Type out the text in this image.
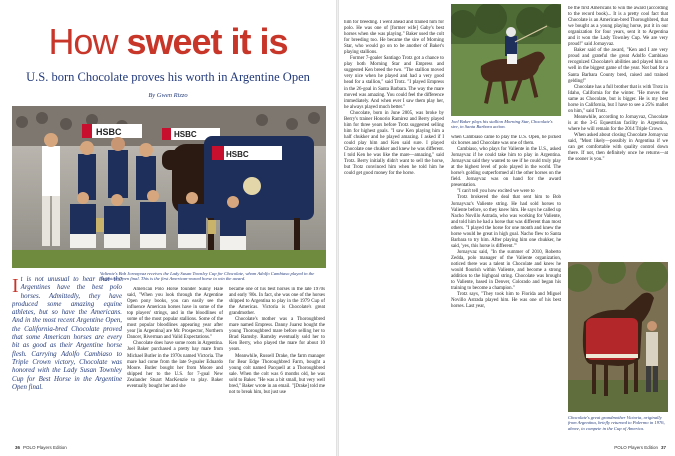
How sweet it is
U.S. born Chocolate proves his worth in Argentine Open
By Gwen Rizzo
HSBC	HSBC
HSBC
Valiente's Bob Jornayvaz receives the Lady Susan Townley Cup for Chocolate, whom Adolfo Cambiaso played in the Argentine Open final. This is the first American-owned horse to win the award.
It is not unusual to hear that the Argentines have the best polo horses. Admittedly, they have produced some amazing equine athletes, but so have the Americans. And in the most recent Argentine Open, the California-bred Chocolate proved that some American horses are every bit as good as their Argentine horse flesh. Carrying Adolfo Cambiaso to Triple Crown victory, Chocolate was honored with the Lady Susan Townley Cup for Best Horse in the Argentine Open final.

American Polo Horse founder Sunny Hale said, "When you look through the Argentine Open pony books, you can easily see the influence American horses have in some of the top players' strings, and in the bloodlines of some of the most popular stallions. Some of the most popular bloodlines appearing year after year [in Argentina] are Mr. Prospector, Northern Dancer, Riverman and Valid Expectations."

Chocolate does have some roots in Argentina. Joel Baker purchased a pretty bay mare from Michael Butler in the 1970s named Victoria. The mare had come from the late 9-goaler Eduardo Moore. Butler bought her from Moore and shipped her to the U.S. for 7-goal New Zealander Stuart MacKenzie to play. Baker eventually bought her and she

became one of his best horses in the late 1970s and early '80s. In fact, she was one of the horses shipped to Argentina to play in the 1979 Cup of the Americas. Victoria is Chocolate's great grandmother.

Chocolate's mother was a Thoroughbred mare named Empress. Danny Juarez bought the young Thoroughbred mare before selling her to Brad Ramsby. Ramsby eventually sold her to Ken Berry, who played the mare for about 10 years.

Meanwhile, Russell Drake, the farm manager for Bear Edge Thoroughbred Farm, bought a young colt named Pacquell at a Thoroughbred sale. When the colt was 6 months old, he was sold to Baker. "He was a bit small, but very well bred," Baker wrote in an email. "[Drake] told me not to break him, but just use

36 POLO Players Edition

him for breeding. I went ahead and trained him for polo. He was one of [former wife] Gaby's best horses when she was playing." Baker used the colt for breeding too. He became the sire of Morning Star, who would go on to be another of Baker's playing stallions.

Former 7-goaler Santiago Trotz got a chance to play both Morning Star and Empress and suggested Ken breed the two. "The stallion moved very nice when he played and had a very good head for a stallion," said Trotz. "I played Empress in the 26-goal in Santa Barbara. The way the mare moved was amazing. You could feel the difference immediately. And when ever I saw them play her, he always played much better."

Chocolate, born in June 2005, was broke by Berry's trainer Honorio Ramirez and Berry played him for three years before Trotz suggested selling him for highest goals. "I saw Ken playing him a half chukker and he played amazing. I asked if I could play him and Ken said sure. I played Chocolate one chukker and knew he was different. I told Ken he was like the mare—amazing," said Trotz. Berry initially didn't want to sell the horse, but Trotz convinced him when he told him he could get good money for the horse.

Joel Baker plays his stallion Morning Star, Chocolate's sire, in Santa Barbara action.

when Cambiaso came to play the U.S. Open, he picked six horses and Chocolate was one of them.

Cambiaso, who plays for Valiente in the U.S., asked Jornayvaz if he could take him to play in Argentina. Jornayvaz said they wanted to see if he could truly play at the highest level of polo played in the world. The horse's golding outperformed all the other horses on the field. Jornayvaz was on hand for the award presentation.

"I can't tell you how excited we were to

Trotz brokered the deal that sent him to Bob Jornayvaz's Valiente string. He had sold horses to Valiente before, so they knew him. He says he called up Nacho Novillo Astrada, who was working for Valiente, and told him he had a horse that was different than most others. "I played the horse for one month and knew the horse would be great in high goal. Nacho flew to Santa Barbara to try him. After playing him one chukker, he said, 'yes, this horse is different.'"

Jornayvaz said, "In the summer of 2010, Roberto Zedda, polo manager of the Valiente organization, noticed there was a talent in Chocolate and knew he would flourish within Valiente, and become a strong addition to the highgoal string. Chocolate was brought to Valiente, based in Denver, Colorado and began his training to become a champion."

Trotz says, "They took him to Florida and Miguel Novillo Astrada played him. He was one of his best horses. Last year,

be the first Americans to win the award (according to the record book)... It is a pretty cool fact that Chocolate is an American-bred Thoroughbred, that we bought as a young playing horse, put it in our organization for four years, sent it to Argentina and it won the Lady Townley Cup. We are very proud!" said Jornayvaz.

Baker said of the award, "Ken and I are very proud and grateful the great Adolfo Cambiaso recognized Chocolate's abilities and played him so well in the biggest game of the year. Not bad for a Santa Barbara County bred, raised and trained gelding!"

Chocolate has a full brother that is with Trotz in Idaho, California for the winter. "He moves the same as Chocolate, but is bigger. He is my best horse in California, but I have to see a 25% mallet on him," said Trotz.

Meanwhile, according to Jornayvaz, Chocolate is at the 3-G Equestrian facility in Argentina, where he will remain for the 2014 Triple Crown.

When asked about closing Chocolate Jornayvaz said, "Most likely—possibly in Argentina if we can get comfortable with quality control down there. If not, then definitely once he returns—at the sooner is you."

Chocolate's great grandmother Victoria, originally from Argentina, briefly returned to Palermo in 1976, above, to compete in the Cup of America.
POLO Players Edition 37
